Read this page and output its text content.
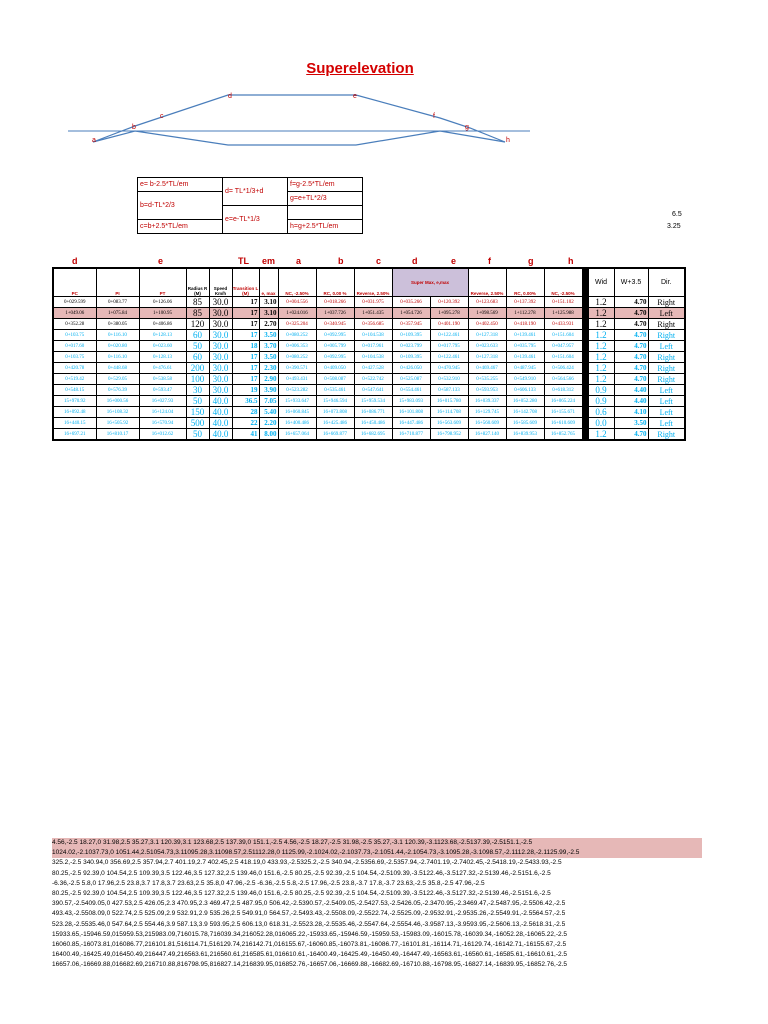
Superelevation
a
b
c
d	e
f
g
h
e= b-2.5*TL/em	d= TL*1/3+d	f=g-2.5*TL/em
b=d-TL*2/3		g=e+TL*2/3
	e=e-TL*1/3	
c=b+2.5*TL/em		h=g+2.5*TL/em
6.5
3.25
d	e	TL em a	b	c	d	e	f	g	h
PC	PI	PT	Radius R (M)	Speed Km/h	Transition L (M)	e, max	NC, -2.50%	RC, 0.00 %	Reverse, 2.50%	Super Max, e,max		Reverse, 2.50%	RC, 0.00%	NC, -2.50%		Wid	W+3.5	Dir.
0+029.599	0+083.77	0+126.06	85	30.0	17	3.10	0+004.556	0+018.266	0+031.975	0+035.266	0+120.392	0+123.683	0+137.392	0+151.102		1.2	4.70	Right
1+049.06	1+075.84	1+100.95	85	30.0	17	3.10	1+024.016	1+037.726	1+051.435	1+054.726	1+095.278	1+098.569	1+112.278	1+125.988		1.2	4.70	Left
0+352.28	0+380.05	0+406.86	120	30.0	17	2.70	0+325.204	0+340.945	0+356.685	0+357.945	0+401.190	0+402.450	0+418.190	0+433.931		1.2	4.70	Right
0+103.75	0+116.10	0+128.13	60	30.0	17	3.50	0+080.252	0+092.995	0+104.538	0+109.395	0+122.461	0+127.318	0+139.461	0+151.604		1.2	4.70	Right
0+017.60	0+020.80	0+023.60	50	30.0	18	3.70	0+006.353	0+005.799	0+017.961	0+023.799	0+017.795	0+023.633	0+035.795	0+047.957		1.2	4.70	Left
0+103.75	0+116.10	0+128.13	60	30.0	17	3.50	0+080.252	0+092.995	0+104.538	0+109.395	0+122.461	0+127.318	0+139.461	0+151.604		1.2	4.70	Right
0+420.78	0+448.68	0+476.61	200	30.0	17	2.30	0+390.571	0+409.050	0+427.528	0+426.050	0+470.945	0+469.467	0+487.945	0+506.424		1.2	4.70	Right
0+519.42	0+529.05	0+538.58	100	30.0	17	2.90	0+493.431	0+508.087	0+522.742	0+525.087	0+532.910	0+535.255	0+549.910	0+564.566		1.2	4.70	Right
0+548.15	0+576.39	0+593.47	30	30.0	19	3.90	0+523.282	0+535.461	0+547.641	0+554.461	0+587.133	0+593.953	0+606.133	0+618.312		0.9	4.40	Left
15+970.92	16+000.56	16+027.93	50	40.0	36.5	7.05	15+933.647	15+946.594	15+959.534	15+983.093	16+015.780	16+039.337	16+052.280	16+065.224		0.9	4.40	Left
16+092.48	16+108.32	16+124.04	150	40.0	28	5.40	16+060.845	16+073.808	16+086.771	16+101.808	16+114.708	16+129.745	16+142.708	16+155.671		0.6	4.10	Left
16+440.15	16+505.92	16+570.94	500	40.0	22	2.20	16+400.486	16+425.486	16+450.486	16+447.486	16+563.609	16+560.609	16+585.609	16+610.609		0.0	3.50	Left
16+697.21	16+810.17	16+012.62	50	40.0	41	8.00	16+657.064	16+669.877	16+682.695	16+710.877	16+798.952	16+827.140	16+839.953	16+852.765		1.2	4.70	Right
4.56,-2.5 18.27,0 31.98,2.5 35.27,3.1 120.39,3.1 123.68,2.5 137.39,0 151.1,-2.5 4.56,-2.5 18.27,-2.5 31.98,-2.5 35.27,-3.1 120.39,-3.1123.68,-2.5137.39,-2.5151.1,-2.5
1024.02,-2.1037.73,0 1051.44,2.51054.73,3.11095.28,3.11098.57,2.51112.28,0 1125.99,-2.1024.02,-2.1037.73,-2.1051.44,-2.1054.73,-3.1095.28,-3.1098.57,-2.1112.28,-2.1125.99,-2.5
325.2,-2.5 340.94,0 356.69,2.5 357.94,2.7 401.19,2.7 402.45,2.5 418.19,0 433.93,-2.5325.2,-2.5 340.94,-2.5356.69,-2.5357.94,-2.7401.19,-2.7402.45,-2.5418.19,-2.5433.93,-2.5
80.25,-2.5 92.39,0 104.54,2.5 109.39,3.5 122.46,3.5 127.32,2.5 139.46,0 151.6,-2.5 80.25,-2.5 92.39,-2.5 104.54,-2.5109.39,-3.5122.46,-3.5127.32,-2.5139.46,-2.5151.6,-2.5
-6.36,-2.5 5.8,0 17.96,2.5 23.8,3.7 17.8,3.7 23.63,2.5 35.8,0 47.96,-2.5 -6.36,-2.5 5.8,-2.5 17.96,-2.5 23.8,-3.7 17.8,-3.7 23.63,-2.5 35.8,-2.5 47.96,-2.5
80.25,-2.5 92.39,0 104.54,2.5 109.39,3.5 122.46,3.5 127.32,2.5 139.46,0 151.6,-2.5 80.25,-2.5 92.39,-2.5 104.54,-2.5109.39,-3.5122.46,-3.5127.32,-2.5139.46,-2.5151.6,-2.5
390.57,-2.5409.05,0 427.53,2.5 426.05,2.3 470.95,2.3 469.47,2.5 487.95,0 506.42,-2.5390.57,-2.5409.05,-2.5427.53,-2.5426.05,-2.3470.95,-2.3469.47,-2.5487.95,-2.5506.42,-2.5
493.43,-2.5508.09,0 522.74,2.5 525.09,2.9 532.91,2.9 535.26,2.5 549.91,0 564.57,-2.5493.43,-2.5508.09,-2.5522.74,-2.5525.09,-2.9532.91,-2.9535.26,-2.5549.91,-2.5564.57,-2.5
523.28,-2.5535.46,0 547.64,2.5 554.46,3.9 587.13,3.9 593.95,2.5 606.13,0 618.31,-2.5523.28,-2.5535.46,-2.5547.64,-2.5554.46,-3.9587.13,-3.9593.95,-2.5606.13,-2.5618.31,-2.5
15933.65,-15946.59,015959.53,215983.09,716015.78,716039.34,216052.28,016065.22,-15933.65,-15946.59,-15959.53,-15983.09,-16015.78,-16039.34,-16052.28,-16065.22,-2.5
16060.85,-16073.81,016086.77,216101.81,516114.71,516129.74,216142.71,016155.67,-16060.85,-16073.81,-16086.77,-16101.81,-16114.71,-16129.74,-16142.71,-16155.67,-2.5
16400.49,-16425.49,016450.49,216447.49,216563.61,216560.61,216585.61,016610.61,-16400.49,-16425.49,-16450.49,-16447.49,-16563.61,-16560.61,-16585.61,-16610.61,-2.5
16657.06,-16669.88,016682.69,216710.88,816798.95,816827.14,216839.95,016852.76,-16657.06,-16669.88,-16682.69,-16710.88,-16798.95,-16827.14,-16839.95,-16852.76,-2.5
